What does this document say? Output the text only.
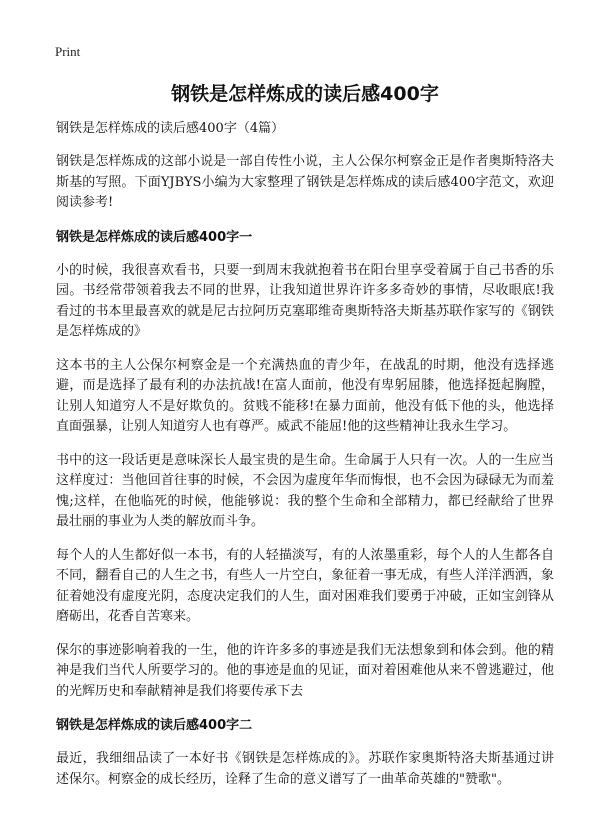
Print
钢铁是怎样炼成的读后感400字
钢铁是怎样炼成的读后感400字（4篇）

钢铁是怎样炼成的这部小说是一部自传性小说，主人公保尔柯察金正是作者奥斯特洛夫斯基的写照。下面YJBYS小编为大家整理了钢铁是怎样炼成的读后感400字范文，欢迎阅读参考!

钢铁是怎样炼成的读后感400字一

小的时候，我很喜欢看书，只要一到周末我就抱着书在阳台里享受着属于自己书香的乐园。书经常带领着我去不同的世界，让我知道世界许许多多奇妙的事情，尽收眼底!我看过的书本里最喜欢的就是尼古拉阿历克塞耶维奇奥斯特洛夫斯基苏联作家写的《钢铁是怎样炼成的》

这本书的主人公保尔柯察金是一个充满热血的青少年，在战乱的时期，他没有选择逃避，而是选择了最有利的办法抗战!在富人面前，他没有卑躬屈膝，他选择挺起胸膛，让别人知道穷人不是好欺负的。贫贱不能移!在暴力面前，他没有低下他的头，他选择直面强暴，让别人知道穷人也有尊严。威武不能屈!他的这些精神让我永生学习。

书中的这一段话更是意味深长人最宝贵的是生命。生命属于人只有一次。人的一生应当这样度过：当他回首往事的时候，不会因为虚度年华而悔恨，也不会因为碌碌无为而羞愧;这样，在他临死的时候，他能够说：我的整个生命和全部精力，都已经献给了世界最壮丽的事业为人类的解放而斗争。

每个人的人生都好似一本书，有的人轻描淡写，有的人浓墨重彩，每个人的人生都各自不同，翻看自己的人生之书，有些人一片空白，象征着一事无成，有些人洋洋洒洒，象征着她没有虚度光阴，态度决定我们的人生，面对困难我们要勇于冲破，正如宝剑锋从磨砺出，花香自苦寒来。

保尔的事迹影响着我的一生，他的许许多多的事迹是我们无法想象到和体会到。他的精神是我们当代人所要学习的。他的事迹是血的见证，面对着困难他从来不曾逃避过，他的光辉历史和奉献精神是我们将要传承下去

钢铁是怎样炼成的读后感400字二

最近，我细细品读了一本好书《钢铁是怎样炼成的》。苏联作家奥斯特洛夫斯基通过讲述保尔。柯察金的成长经历，诠释了生命的意义谱写了一曲革命英雄的"赞歌"。
